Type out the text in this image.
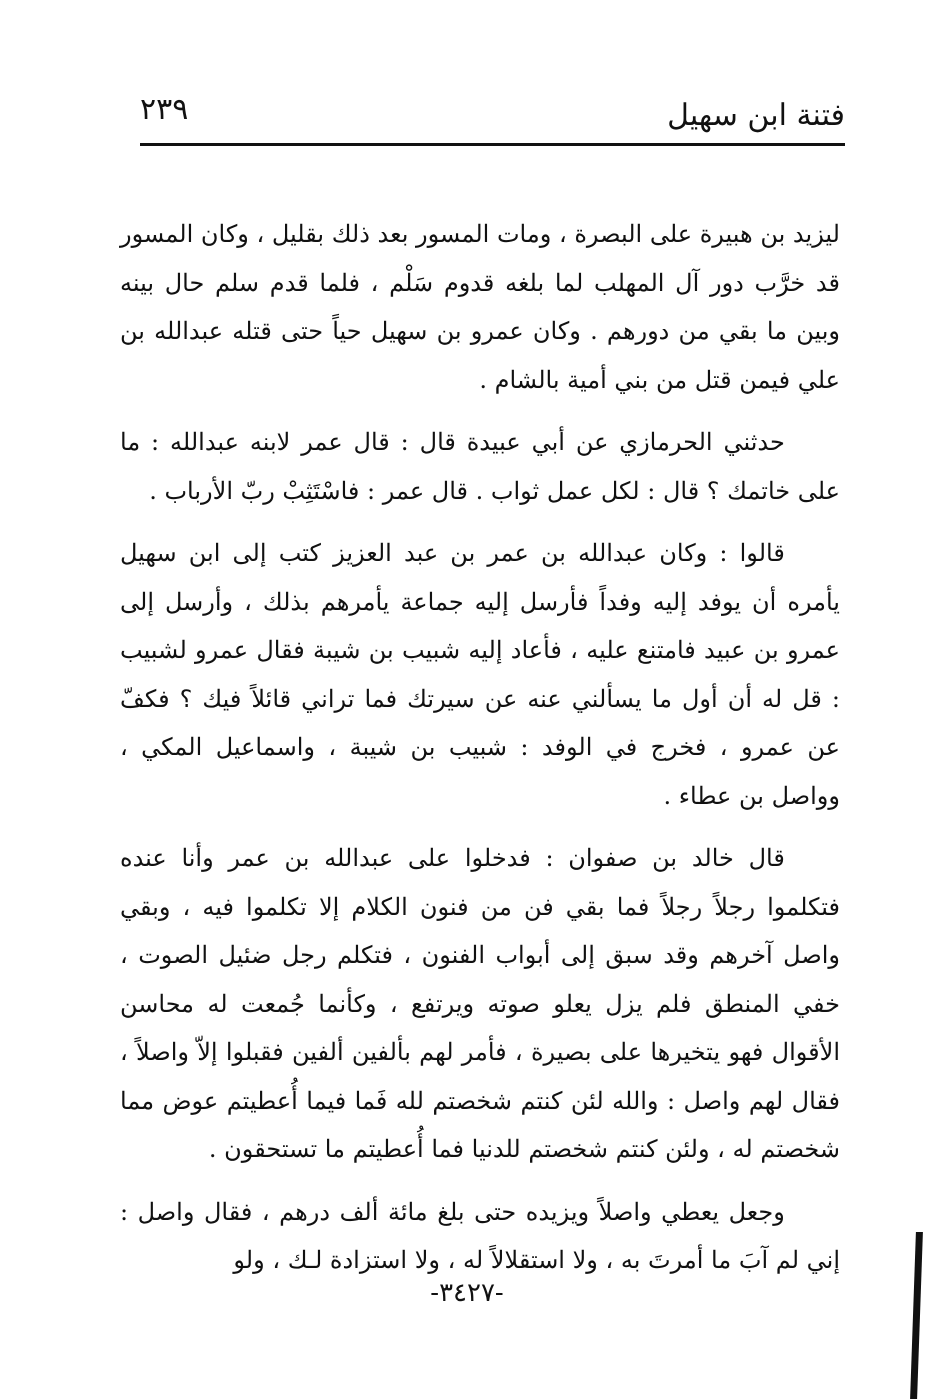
فتنة ابن سهيل
٢٣٩

ليزيد بن هبيرة على البصرة ، ومات المسور بعد ذلك بقليل ، وكان المسور قد خرَّب دور آل المهلب لما بلغه قدوم سَلْم ، فلما قدم سلم حال بينه وبين ما بقي من دورهم . وكان عمرو بن سهيل حياً حتى قتله عبدالله بن علي فيمن قتل من بني أمية بالشام .

حدثني الحرمازي عن أبي عبيدة قال : قال عمر لابنه عبدالله : ما على خاتمك ؟ قال : لكل عمل ثواب . قال عمر : فاسْتَثِبْ ربّ الأرباب .

قالوا : وكان عبدالله بن عمر بن عبد العزيز كتب إلى ابن سهيل يأمره أن يوفد إليه وفداً فأرسل إليه جماعة يأمرهم بذلك ، وأرسل إلى عمرو بن عبيد فامتنع عليه ، فأعاد إليه شبيب بن شيبة فقال عمرو لشبيب : قل له أن أول ما يسألني عنه عن سيرتك فما تراني قائلاً فيك ؟ فكفّ عن عمرو ، فخرج في الوفد : شبيب بن شيبة ، واسماعيل المكي ، وواصل بن عطاء .

قال خالد بن صفوان : فدخلوا على عبدالله بن عمر وأنا عنده فتكلموا رجلاً رجلاً فما بقي فن من فنون الكلام إلا تكلموا فيه ، وبقي واصل آخرهم وقد سبق إلى أبواب الفنون ، فتكلم رجل ضئيل الصوت ، خفي المنطق فلم يزل يعلو صوته ويرتفع ، وكأنما جُمعت له محاسن الأقوال فهو يتخيرها على بصيرة ، فأمر لهم بألفين ألفين فقبلوا إلاّ واصلاً ، فقال لهم واصل : والله لئن كنتم شخصتم لله فَما فيما أُعطيتم عوض مما شخصتم له ، ولئن كنتم شخصتم للدنيا فما أُعطيتم ما تستحقون .

وجعل يعطي واصلاً ويزيده حتى بلغ مائة ألف درهم ، فقال واصل : إني لم آبَ ما أمرتَ به ، ولا استقلالاً له ، ولا استزادة لـك ، ولو

-٣٤٢٧-
